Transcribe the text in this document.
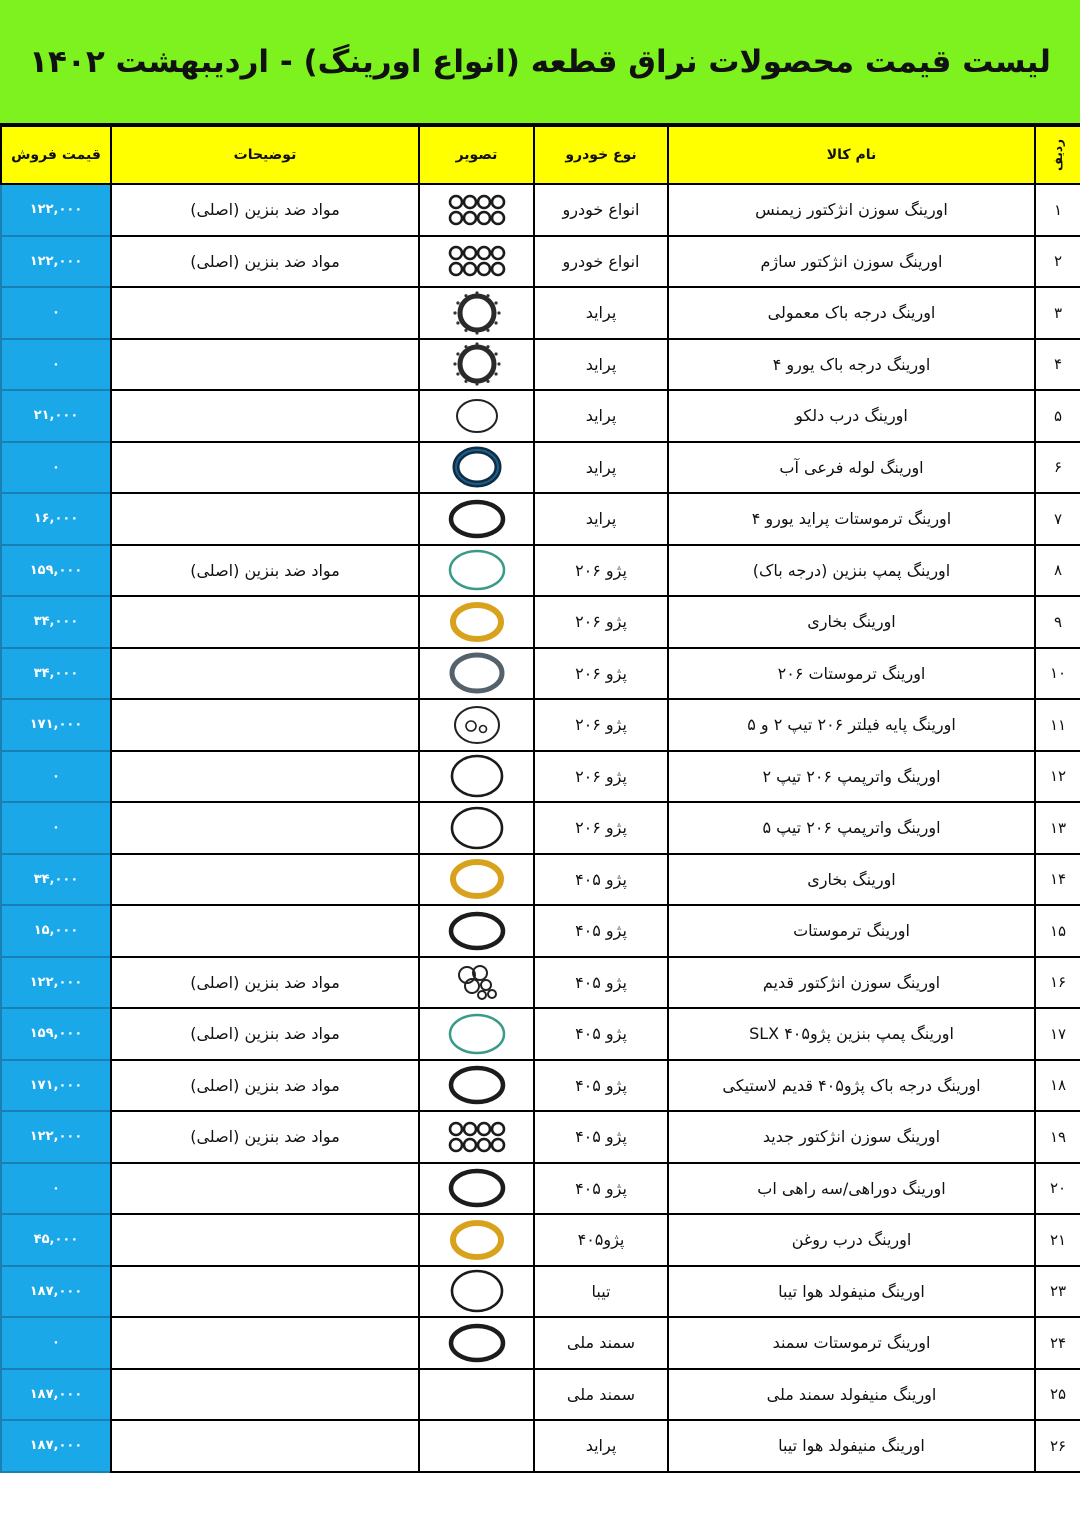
لیست قیمت محصولات نراق قطعه (انواع اورینگ) - اردیبهشت ۱۴۰۲
ردیف	نام کالا	نوع خودرو	تصویر	توضیحات	قیمت فروش
۱	اورینگ سوزن انژکتور زیمنس	انواع خودرو		مواد ضد بنزین (اصلی)	۱۲۲,۰۰۰
۲	اورینگ سوزن انژکتور ساژم	انواع خودرو		مواد ضد بنزین (اصلی)	۱۲۲,۰۰۰
۳	اورینگ درجه باک معمولی	پراید			۰
۴	اورینگ درجه باک یورو ۴	پراید			۰
۵	اورینگ درب دلکو	پراید			۲۱,۰۰۰
۶	اورینگ لوله فرعی آب	پراید			۰
۷	اورینگ ترموستات پراید یورو ۴	پراید			۱۶,۰۰۰
۸	اورینگ پمپ بنزین (درجه باک)	پژو ۲۰۶		مواد ضد بنزین (اصلی)	۱۵۹,۰۰۰
۹	اورینگ بخاری	پژو ۲۰۶			۳۴,۰۰۰
۱۰	اورینگ ترموستات ۲۰۶	پژو ۲۰۶			۳۴,۰۰۰
۱۱	اورینگ پایه فیلتر ۲۰۶ تیپ ۲ و ۵	پژو ۲۰۶			۱۷۱,۰۰۰
۱۲	اورینگ واترپمپ ۲۰۶ تیپ ۲	پژو ۲۰۶			۰
۱۳	اورینگ واترپمپ ۲۰۶ تیپ ۵	پژو ۲۰۶			۰
۱۴	اورینگ بخاری	پژو ۴۰۵			۳۴,۰۰۰
۱۵	اورینگ ترموستات	پژو ۴۰۵			۱۵,۰۰۰
۱۶	اورینگ سوزن انژکتور قدیم	پژو ۴۰۵		مواد ضد بنزین (اصلی)	۱۲۲,۰۰۰
۱۷	اورینگ پمپ بنزین پژو۴۰۵ SLX	پژو ۴۰۵		مواد ضد بنزین (اصلی)	۱۵۹,۰۰۰
۱۸	اورینگ درجه باک پژو۴۰۵ قدیم لاستیکی	پژو ۴۰۵		مواد ضد بنزین (اصلی)	۱۷۱,۰۰۰
۱۹	اورینگ سوزن انژکتور جدید	پژو ۴۰۵		مواد ضد بنزین (اصلی)	۱۲۲,۰۰۰
۲۰	اورینگ دوراهی/سه راهی اب	پژو ۴۰۵			۰
۲۱	اورینگ درب روغن	پژو۴۰۵			۴۵,۰۰۰
۲۳	اورینگ منیفولد هوا تیبا	تیبا			۱۸۷,۰۰۰
۲۴	اورینگ ترموستات سمند	سمند ملی			۰
۲۵	اورینگ منیفولد سمند ملی	سمند ملی			۱۸۷,۰۰۰
۲۶	اورینگ منیفولد هوا تیبا	پراید			۱۸۷,۰۰۰
